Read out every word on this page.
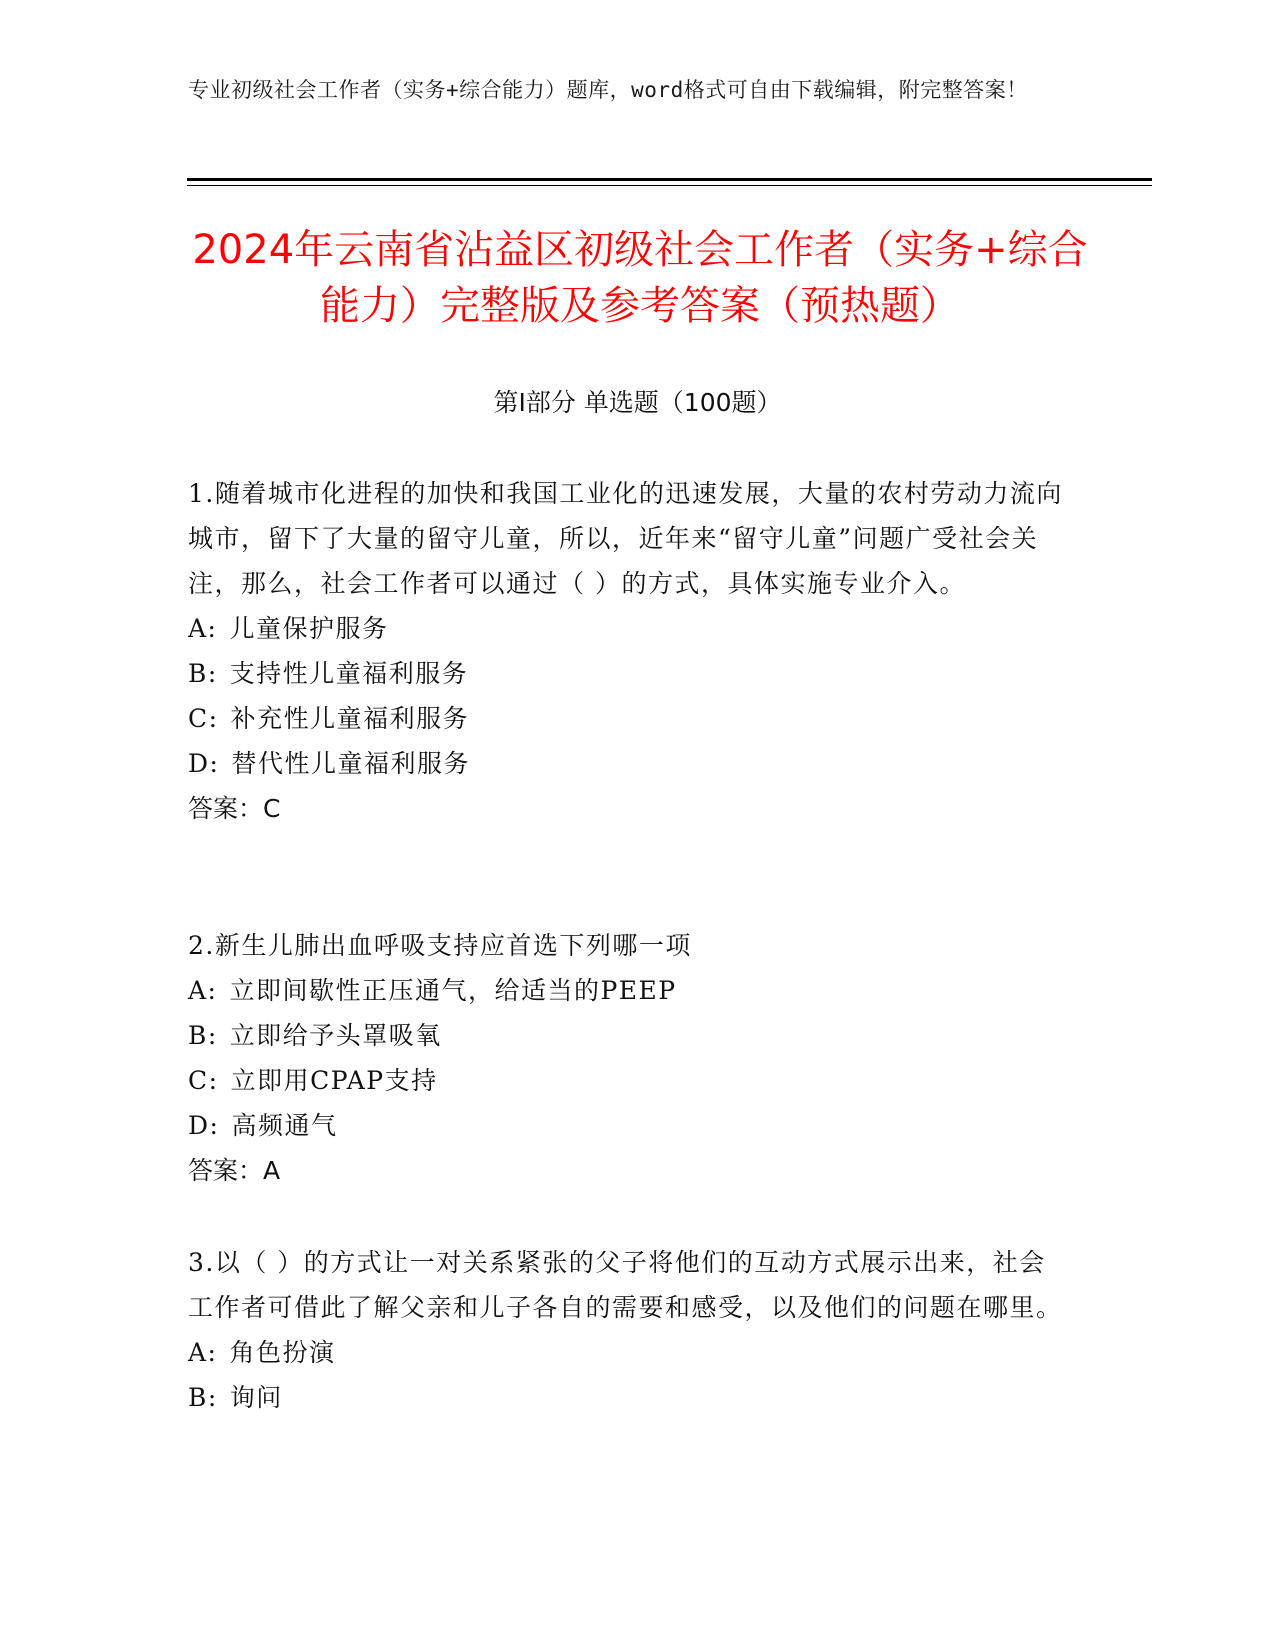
专业初级社会工作者（实务+综合能力）题库，word格式可自由下载编辑，附完整答案！
2024年云南省沾益区初级社会工作者（实务+综合能力）完整版及参考答案（预热题）
第I部分 单选题（100题）
1.随着城市化进程的加快和我国工业化的迅速发展，大量的农村劳动力流向城市，留下了大量的留守儿童，所以，近年来“留守儿童”问题广受社会关注，那么，社会工作者可以通过（ ）的方式，具体实施专业介入。
A: 儿童保护服务
B: 支持性儿童福利服务
C: 补充性儿童福利服务
D: 替代性儿童福利服务
答案：C
2.新生儿肺出血呼吸支持应首选下列哪一项
A: 立即间歇性正压通气，给适当的PEEP
B: 立即给予头罩吸氧
C: 立即用CPAP支持
D: 高频通气
答案：A
3.以（ ）的方式让一对关系紧张的父子将他们的互动方式展示出来，社会工作者可借此了解父亲和儿子各自的需要和感受，以及他们的问题在哪里。
A: 角色扮演
B: 询问
